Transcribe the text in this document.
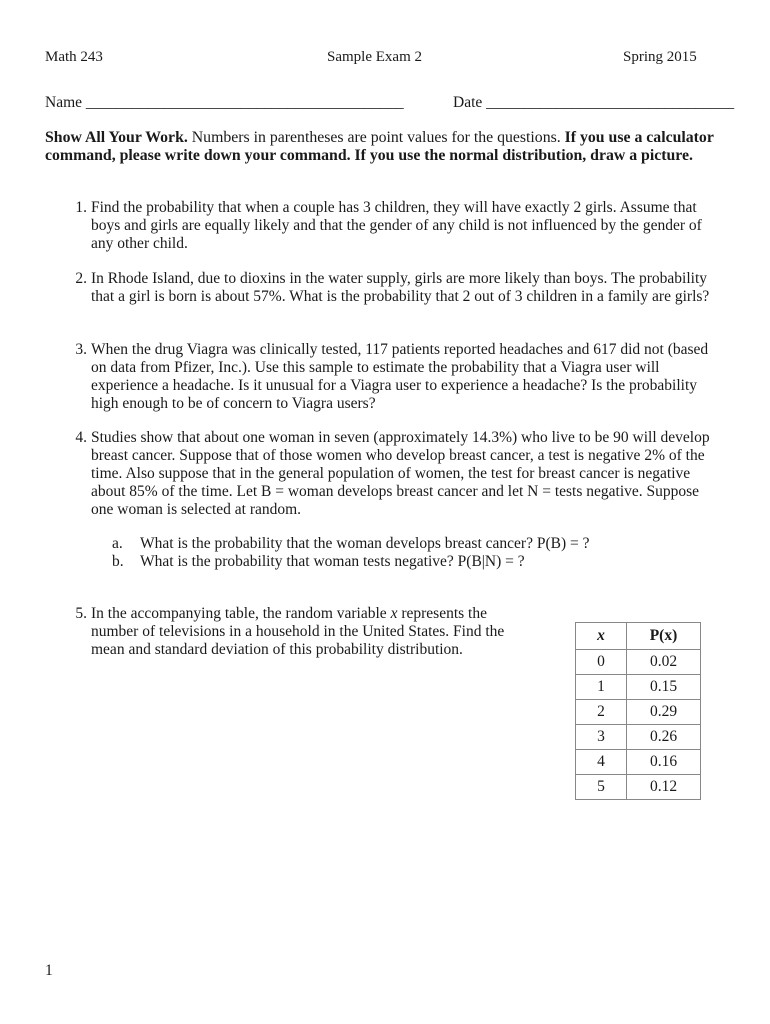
Math 243	Sample Exam 2	Spring 2015
Name _________________________________________	Date ________________________________
Show All Your Work. Numbers in parentheses are point values for the questions. If you use a calculator command, please write down your command. If you use the normal distribution, draw a picture.
1. Find the probability that when a couple has 3 children, they will have exactly 2 girls. Assume that boys and girls are equally likely and that the gender of any child is not influenced by the gender of any other child.
2. In Rhode Island, due to dioxins in the water supply, girls are more likely than boys. The probability that a girl is born is about 57%. What is the probability that 2 out of 3 children in a family are girls?
3. When the drug Viagra was clinically tested, 117 patients reported headaches and 617 did not (based on data from Pfizer, Inc.). Use this sample to estimate the probability that a Viagra user will experience a headache. Is it unusual for a Viagra user to experience a headache? Is the probability high enough to be of concern to Viagra users?
4. Studies show that about one woman in seven (approximately 14.3%) who live to be 90 will develop breast cancer. Suppose that of those women who develop breast cancer, a test is negative 2% of the time. Also suppose that in the general population of women, the test for breast cancer is negative about 85% of the time. Let B = woman develops breast cancer and let N = tests negative. Suppose one woman is selected at random.
a. What is the probability that the woman develops breast cancer? P(B) = ?
b. What is the probability that woman tests negative? P(B|N) = ?
5. In the accompanying table, the random variable x represents the number of televisions in a household in the United States. Find the mean and standard deviation of this probability distribution.
x	P(x)
0	0.02
1	0.15
2	0.29
3	0.26
4	0.16
5	0.12
1
